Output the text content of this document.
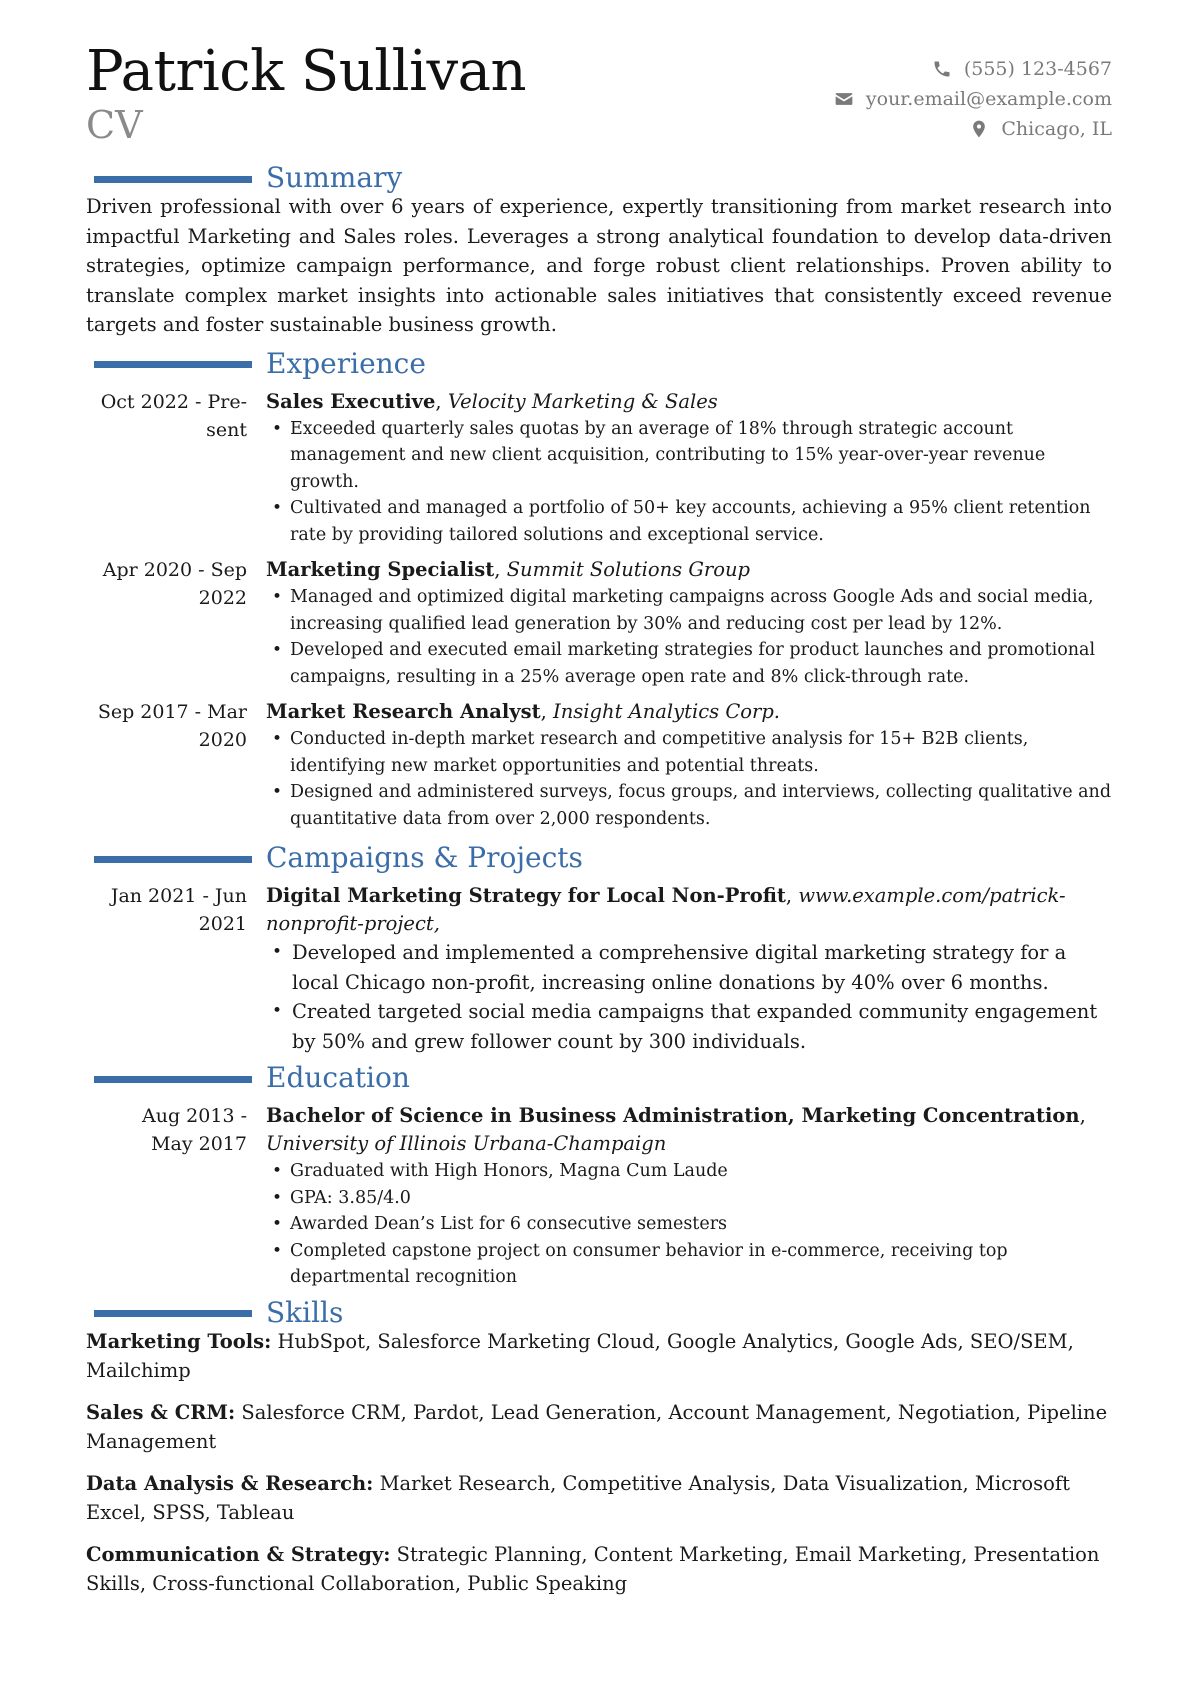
Patrick Sullivan
CV
(555) 123-4567
your.email@example.com
Chicago, IL
Summary

Driven professional with over 6 years of experience, expertly transitioning from market research into impactful Marketing and Sales roles. Leverages a strong analytical foundation to develop data-driven strategies, optimize campaign performance, and forge robust client relationships. Proven ability to translate complex market insights into actionable sales initiatives that consistently exceed revenue targets and foster sustainable business growth.

Experience
Oct 2022 - Pre-
sent
Sales Executive, Velocity Marketing & Sales
• Exceeded quarterly sales quotas by an average of 18% through strategic account management and new client acquisition, contributing to 15% year-over-year revenue growth.
• Cultivated and managed a portfolio of 50+ key accounts, achieving a 95% client retention rate by providing tailored solutions and exceptional service.
Apr 2020 - Sep
2022
Marketing Specialist, Summit Solutions Group
• Managed and optimized digital marketing campaigns across Google Ads and social media, increasing qualified lead generation by 30% and reducing cost per lead by 12%.
• Developed and executed email marketing strategies for product launches and promotional campaigns, resulting in a 25% average open rate and 8% click-through rate.
Sep 2017 - Mar
2020
Market Research Analyst, Insight Analytics Corp.
• Conducted in-depth market research and competitive analysis for 15+ B2B clients, identifying new market opportunities and potential threats.
• Designed and administered surveys, focus groups, and interviews, collecting qualitative and quantitative data from over 2,000 respondents.
Campaigns & Projects
Jan 2021 - Jun
2021
Digital Marketing Strategy for Local Non-Profit, www.example.com/patrick-nonprofit-project,
• Developed and implemented a comprehensive digital marketing strategy for a local Chicago non-profit, increasing online donations by 40% over 6 months.
• Created targeted social media campaigns that expanded community engagement by 50% and grew follower count by 300 individuals.
Education
Aug 2013 -
May 2017
Bachelor of Science in Business Administration, Marketing Concentration,
University of Illinois Urbana-Champaign
• Graduated with High Honors, Magna Cum Laude
• GPA: 3.85/4.0
• Awarded Dean’s List for 6 consecutive semesters
• Completed capstone project on consumer behavior in e-commerce, receiving top departmental recognition
Skills
Marketing Tools: HubSpot, Salesforce Marketing Cloud, Google Analytics, Google Ads, SEO/SEM, Mailchimp
Sales & CRM: Salesforce CRM, Pardot, Lead Generation, Account Management, Negotiation, Pipeline Management
Data Analysis & Research: Market Research, Competitive Analysis, Data Visualization, Microsoft Excel, SPSS, Tableau
Communication & Strategy: Strategic Planning, Content Marketing, Email Marketing, Presentation Skills, Cross-functional Collaboration, Public Speaking
